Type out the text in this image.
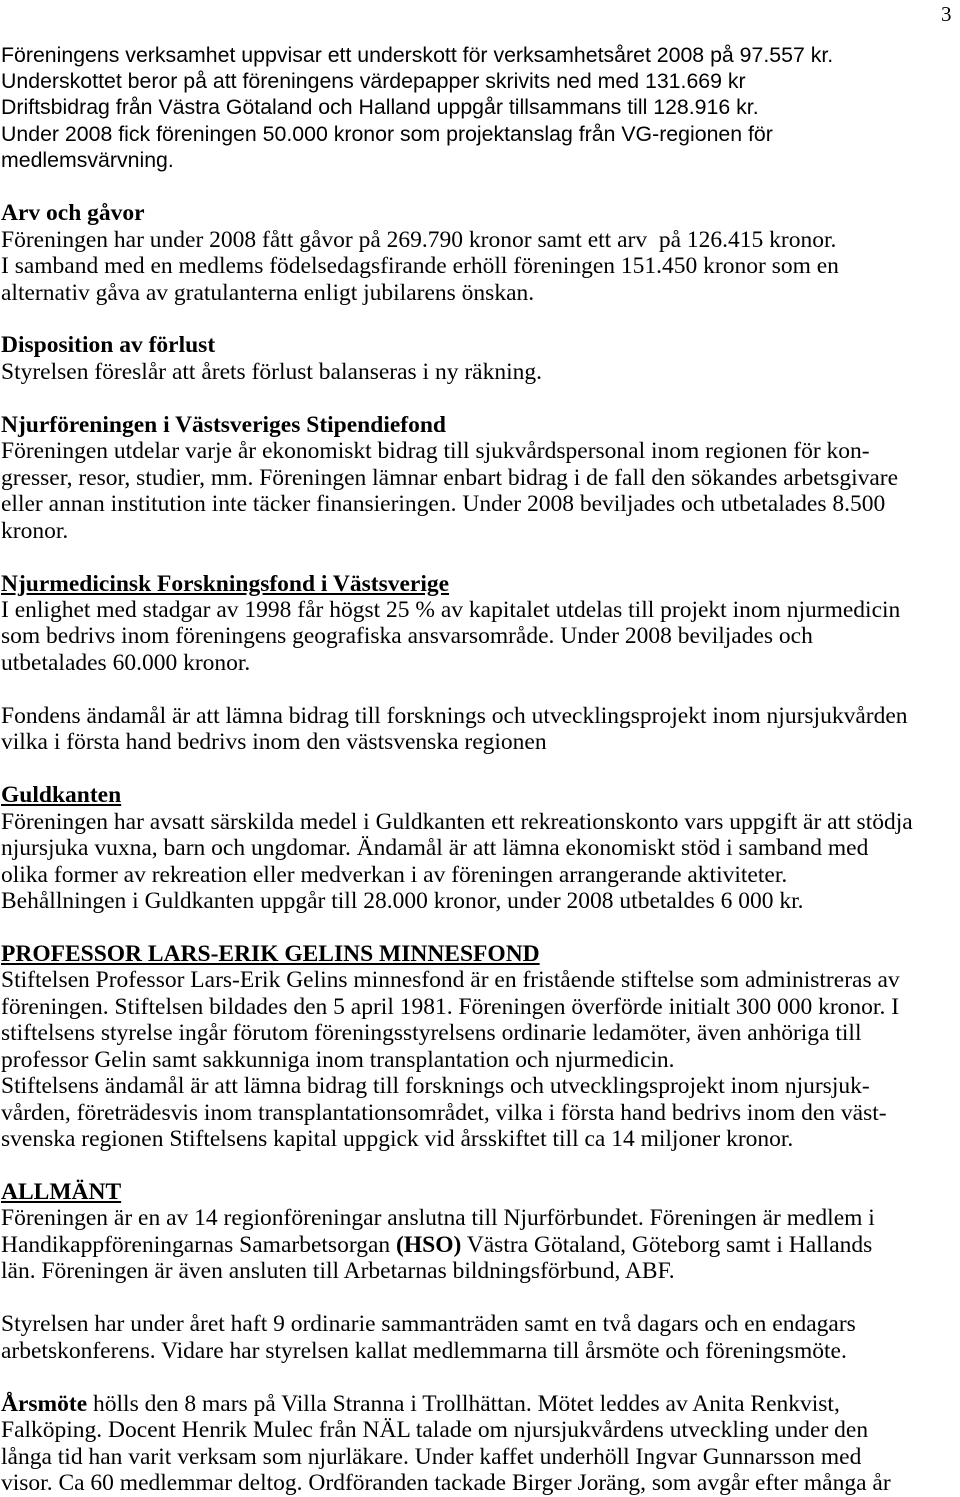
3
Föreningens verksamhet uppvisar ett underskott för verksamhetsåret 2008 på 97.557 kr.
Underskottet beror på att föreningens värdepapper skrivits ned med 131.669 kr
Driftsbidrag från Västra Götaland och Halland uppgår tillsammans till 128.916 kr.
Under 2008 fick föreningen 50.000 kronor som projektanslag från VG-regionen för
medlemsvärvning.
Arv och gåvor
Föreningen har under 2008 fått gåvor på 269.790 kronor samt ett arv  på 126.415 kronor.
I samband med en medlems födelsedagsfirande erhöll föreningen 151.450 kronor som en
alternativ gåva av gratulanterna enligt jubilarens önskan.
Disposition av förlust
Styrelsen föreslår att årets förlust balanseras i ny räkning.
Njurföreningen i Västsveriges Stipendiefond
Föreningen utdelar varje år ekonomiskt bidrag till sjukvårdspersonal inom regionen för kon-
gresser, resor, studier, mm. Föreningen lämnar enbart bidrag i de fall den sökandes arbetsgivare
eller annan institution inte täcker finansieringen. Under 2008 beviljades och utbetalades 8.500
kronor.
Njurmedicinsk Forskningsfond i Västsverige
I enlighet med stadgar av 1998 får högst 25 % av kapitalet utdelas till projekt inom njurmedicin
som bedrivs inom föreningens geografiska ansvarsområde. Under 2008 beviljades och
utbetalades 60.000 kronor.
Fondens ändamål är att lämna bidrag till forsknings och utvecklingsprojekt inom njursjukvården
vilka i första hand bedrivs inom den västsvenska regionen
Guldkanten
Föreningen har avsatt särskilda medel i Guldkanten ett rekreationskonto vars uppgift är att stödja
njursjuka vuxna, barn och ungdomar. Ändamål är att lämna ekonomiskt stöd i samband med
olika former av rekreation eller medverkan i av föreningen arrangerande aktiviteter.
Behållningen i Guldkanten uppgår till 28.000 kronor, under 2008 utbetaldes 6 000 kr.
PROFESSOR LARS-ERIK GELINS MINNESFOND
Stiftelsen Professor Lars-Erik Gelins minnesfond är en fristående stiftelse som administreras av
föreningen. Stiftelsen bildades den 5 april 1981. Föreningen överförde initialt 300 000 kronor. I
stiftelsens styrelse ingår förutom föreningsstyrelsens ordinarie ledamöter, även anhöriga till
professor Gelin samt sakkunniga inom transplantation och njurmedicin.
Stiftelsens ändamål är att lämna bidrag till forsknings och utvecklingsprojekt inom njursjuk-
vården, företrädesvis inom transplantationsområdet, vilka i första hand bedrivs inom den väst-
svenska regionen Stiftelsens kapital uppgick vid årsskiftet till ca 14 miljoner kronor.
ALLMÄNT
Föreningen är en av 14 regionföreningar anslutna till Njurförbundet. Föreningen är medlem i
Handikappföreningarnas Samarbetsorgan (HSO) Västra Götaland, Göteborg samt i Hallands
län. Föreningen är även ansluten till Arbetarnas bildningsförbund, ABF.
Styrelsen har under året haft 9 ordinarie sammanträden samt en två dagars och en endagars
arbetskonferens. Vidare har styrelsen kallat medlemmarna till årsmöte och föreningsmöte.
Årsmöte hölls den 8 mars på Villa Stranna i Trollhättan. Mötet leddes av Anita Renkvist,
Falköping. Docent Henrik Mulec från NÄL talade om njursjukvårdens utveckling under den
långa tid han varit verksam som njurläkare. Under kaffet underhöll Ingvar Gunnarsson med
visor. Ca 60 medlemmar deltog. Ordföranden tackade Birger Joräng, som avgår efter många år
